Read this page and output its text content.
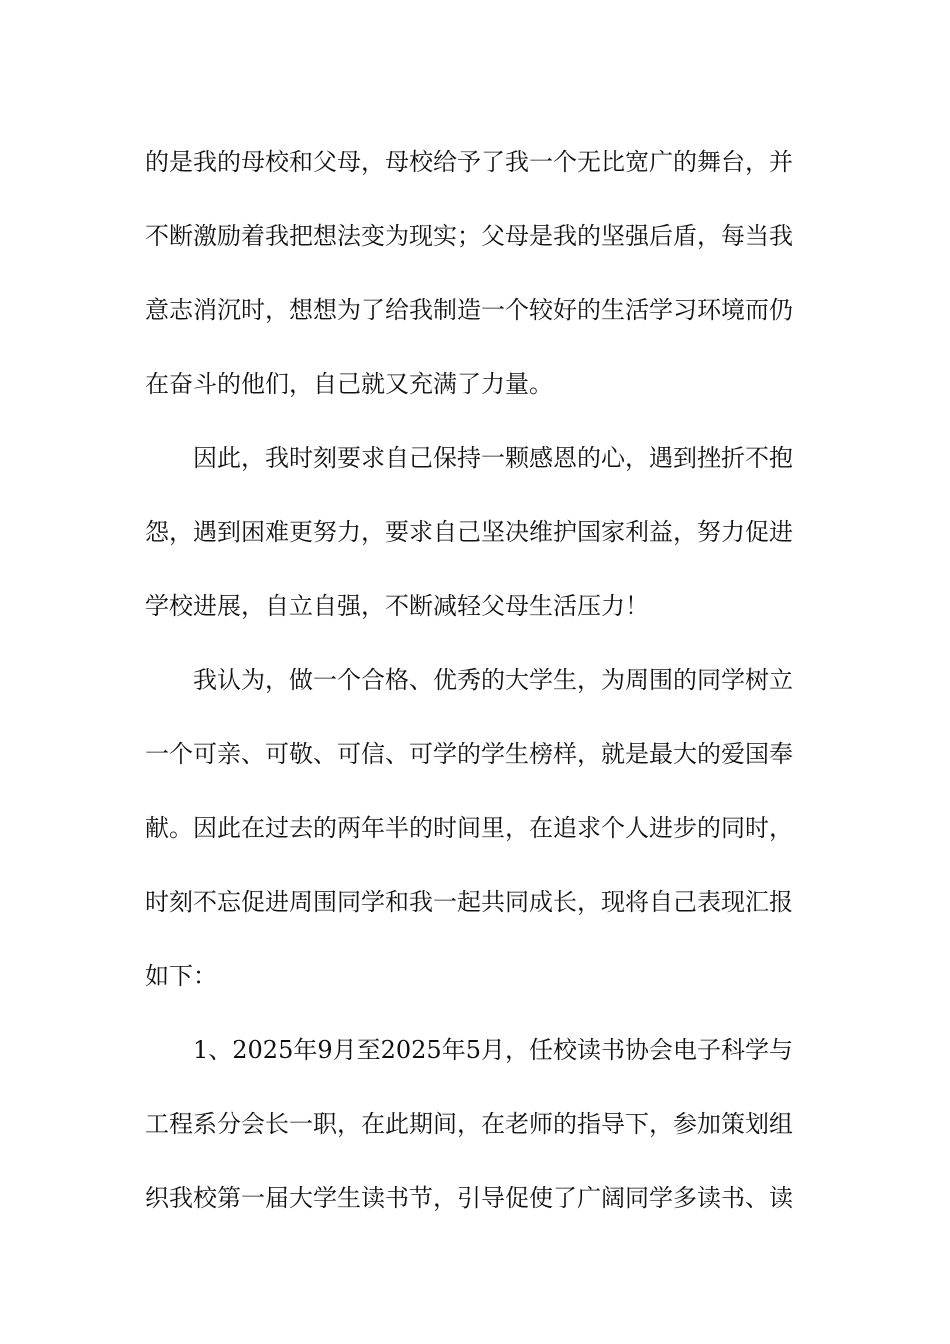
的是我的母校和父母，母校给予了我一个无比宽广的舞台，并
不断激励着我把想法变为现实；父母是我的坚强后盾，每当我
意志消沉时，想想为了给我制造一个较好的生活学习环境而仍
在奋斗的他们，自己就又充满了力量。
因此，我时刻要求自己保持一颗感恩的心，遇到挫折不抱
怨，遇到困难更努力，要求自己坚决维护国家利益，努力促进
学校进展，自立自强，不断减轻父母生活压力！
我认为，做一个合格、优秀的大学生，为周围的同学树立
一个可亲、可敬、可信、可学的学生榜样，就是最大的爱国奉
献。因此在过去的两年半的时间里，在追求个人进步的同时，
时刻不忘促进周围同学和我一起共同成长，现将自己表现汇报
如下：
1、2025年9月至2025年5月，任校读书协会电子科学与
工程系分会长一职，在此期间，在老师的指导下，参加策划组
织我校第一届大学生读书节，引导促使了广阔同学多读书、读
